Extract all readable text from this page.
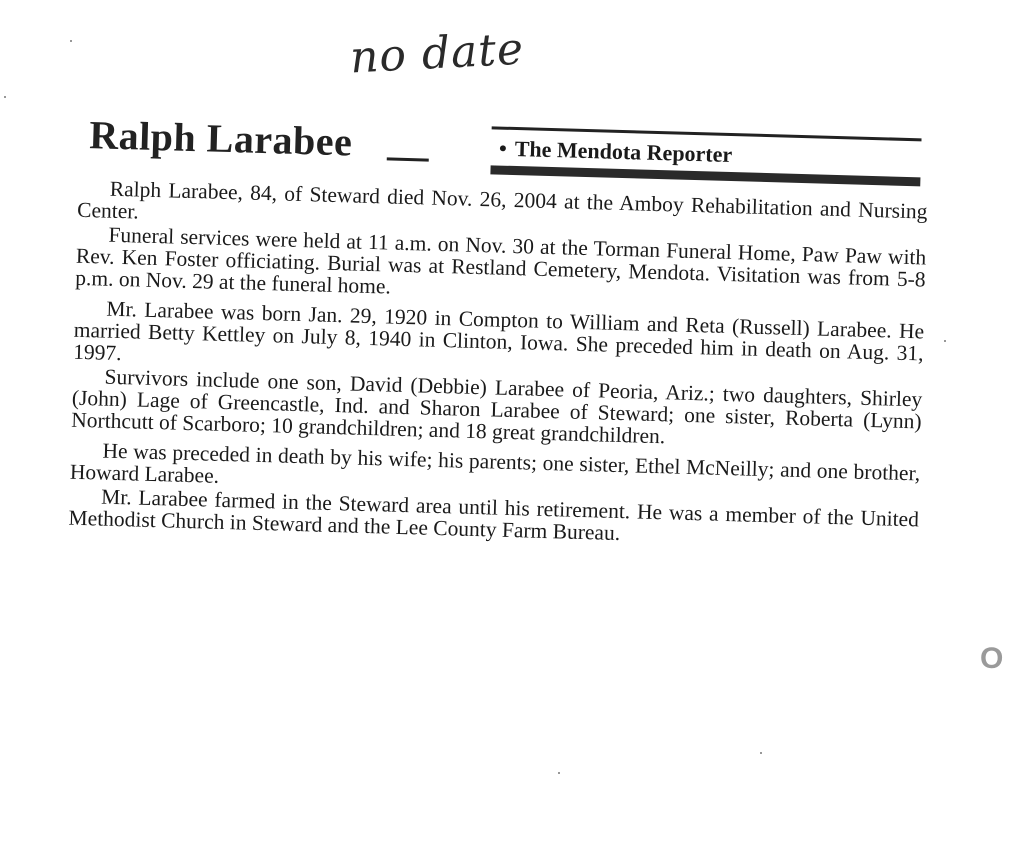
no date
Ralph Larabee	• The Mendota Reporter

Ralph Larabee, 84, of Steward died Nov. 26, 2004 at the Amboy Rehabilitation and Nursing Center.

Funeral services were held at 11 a.m. on Nov. 30 at the Torman Funeral Home, Paw Paw with Rev. Ken Foster officiating. Burial was at Restland Cemetery, Mendota. Visitation was from 5-8 p.m. on Nov. 29 at the funeral home.

Mr. Larabee was born Jan. 29, 1920 in Compton to William and Reta (Russell) Larabee. He married Betty Kettley on July 8, 1940 in Clinton, Iowa. She preceded him in death on Aug. 31, 1997.

Survivors include one son, David (Debbie) Larabee of Peoria, Ariz.; two daughters, Shirley (John) Lage of Greencastle, Ind. and Sharon Larabee of Steward; one sister, Roberta (Lynn) Northcutt of Scarboro; 10 grandchildren; and 18 great grandchildren.

He was preceded in death by his wife; his parents; one sister, Ethel McNeilly; and one brother, Howard Larabee.

Mr. Larabee farmed in the Steward area until his retirement. He was a member of the United Methodist Church in Steward and the Lee County Farm Bureau.

O
